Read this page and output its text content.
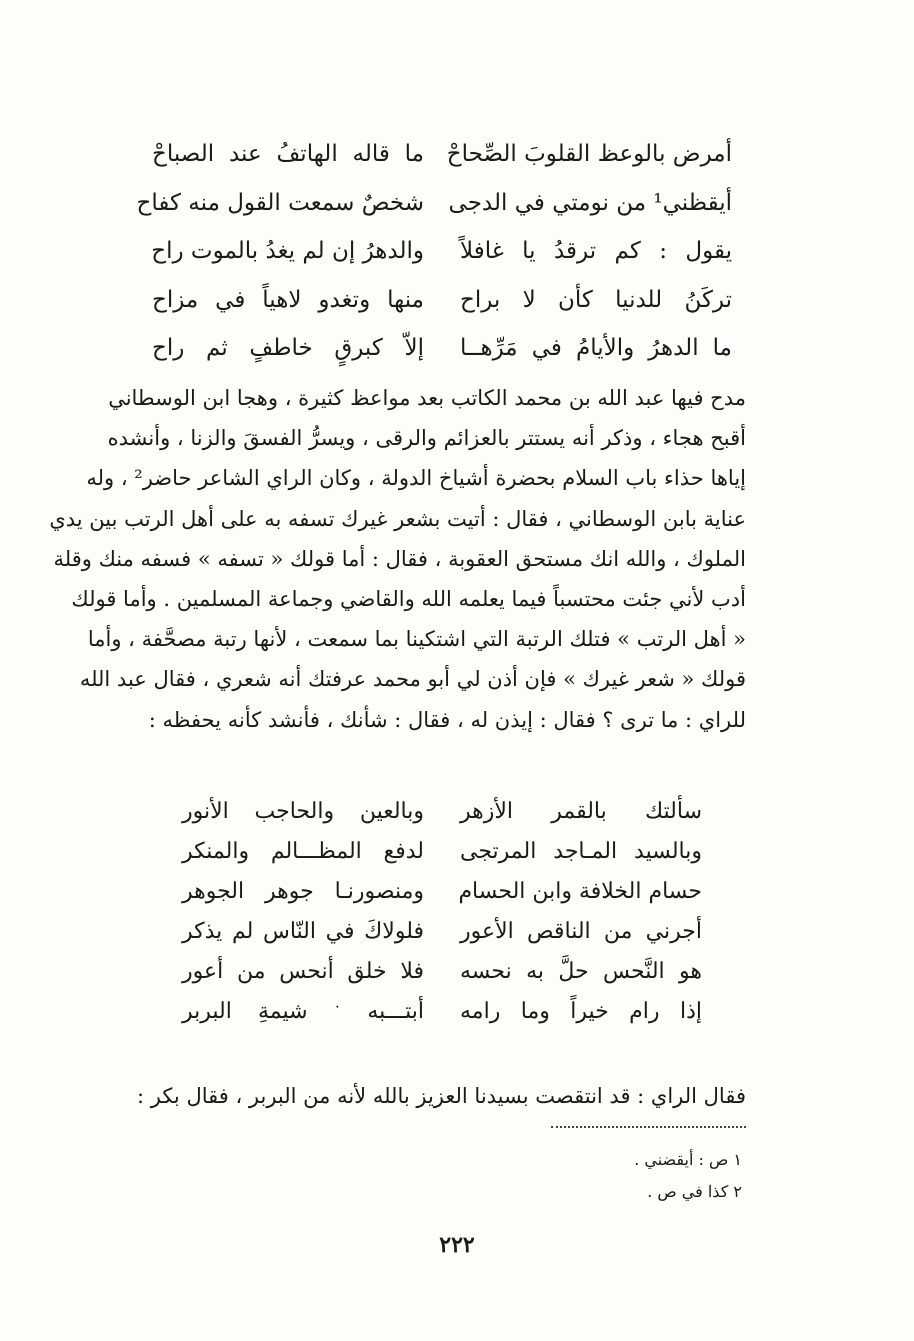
أمرض بالوعظ القلوبَ الصِّحاحْ
ما قاله الهاتفُ عند الصباحْ
أيقظني¹ من نومتي في الدجى
شخصٌ سمعت القول منه كفاح
يقول : كم ترقدُ يا غافلاً
والدهرُ إن لم يغدُ بالموت راح
تركَنُ للدنيا كأن لا براح
منها وتغدو لاهياً في مزاح
ما الدهرُ والأيامُ في مَرِّهــا
إلاّ كبرقٍ خاطفٍ ثم راح
مدح فيها عبد الله بن محمد الكاتب بعد مواعظ كثيرة ، وهجا ابن الوسطاني
أقبح هجاء ، وذكر أنه يستتر بالعزائم والرقى ، ويسرُّ الفسقَ والزنا ، وأنشده
إياها حذاء باب السلام بحضرة أشياخ الدولة ، وكان الراي الشاعر حاضر² ، وله
عناية بابن الوسطاني ، فقال : أتيت بشعر غيرك تسفه به على أهل الرتب بين يدي
الملوك ، والله انك مستحق العقوبة ، فقال : أما قولك « تسفه » فسفه منك وقلة
أدب لأني جئت محتسباً فيما يعلمه الله والقاضي وجماعة المسلمين . وأما قولك
« أهل الرتب » فتلك الرتبة التي اشتكينا بما سمعت ، لأنها رتبة مصحَّفة ، وأما
قولك « شعر غيرك » فإن أذن لي أبو محمد عرفتك أنه شعري ، فقال عبد الله
للراي : ما ترى ؟ فقال : إيذن له ، فقال : شأنك ، فأنشد كأنه يحفظه :
سألتك بالقمر الأزهر
وبالعين والحاجب الأنور
وبالسيد المـاجد المرتجى
لدفع المظـــالم والمنكر
حسام الخلافة وابن الحسام
ومنصورنـا جوهر الجوهر
أجرني من الناقص الأعور
فلولاكَ في النّاس لم يذكر
هو النَّحس حلَّ به نحسه
فلا خلق أنحس من أعور
إذا رام خيراً وما رامه
أبتـــبه ﮲ شيمةِ البربر
فقال الراي : قد انتقصت بسيدنا العزيز بالله لأنه من البربر ، فقال بكر :
١ ص : أيقضني .
٢ كذا في ص .
٢٢٢
